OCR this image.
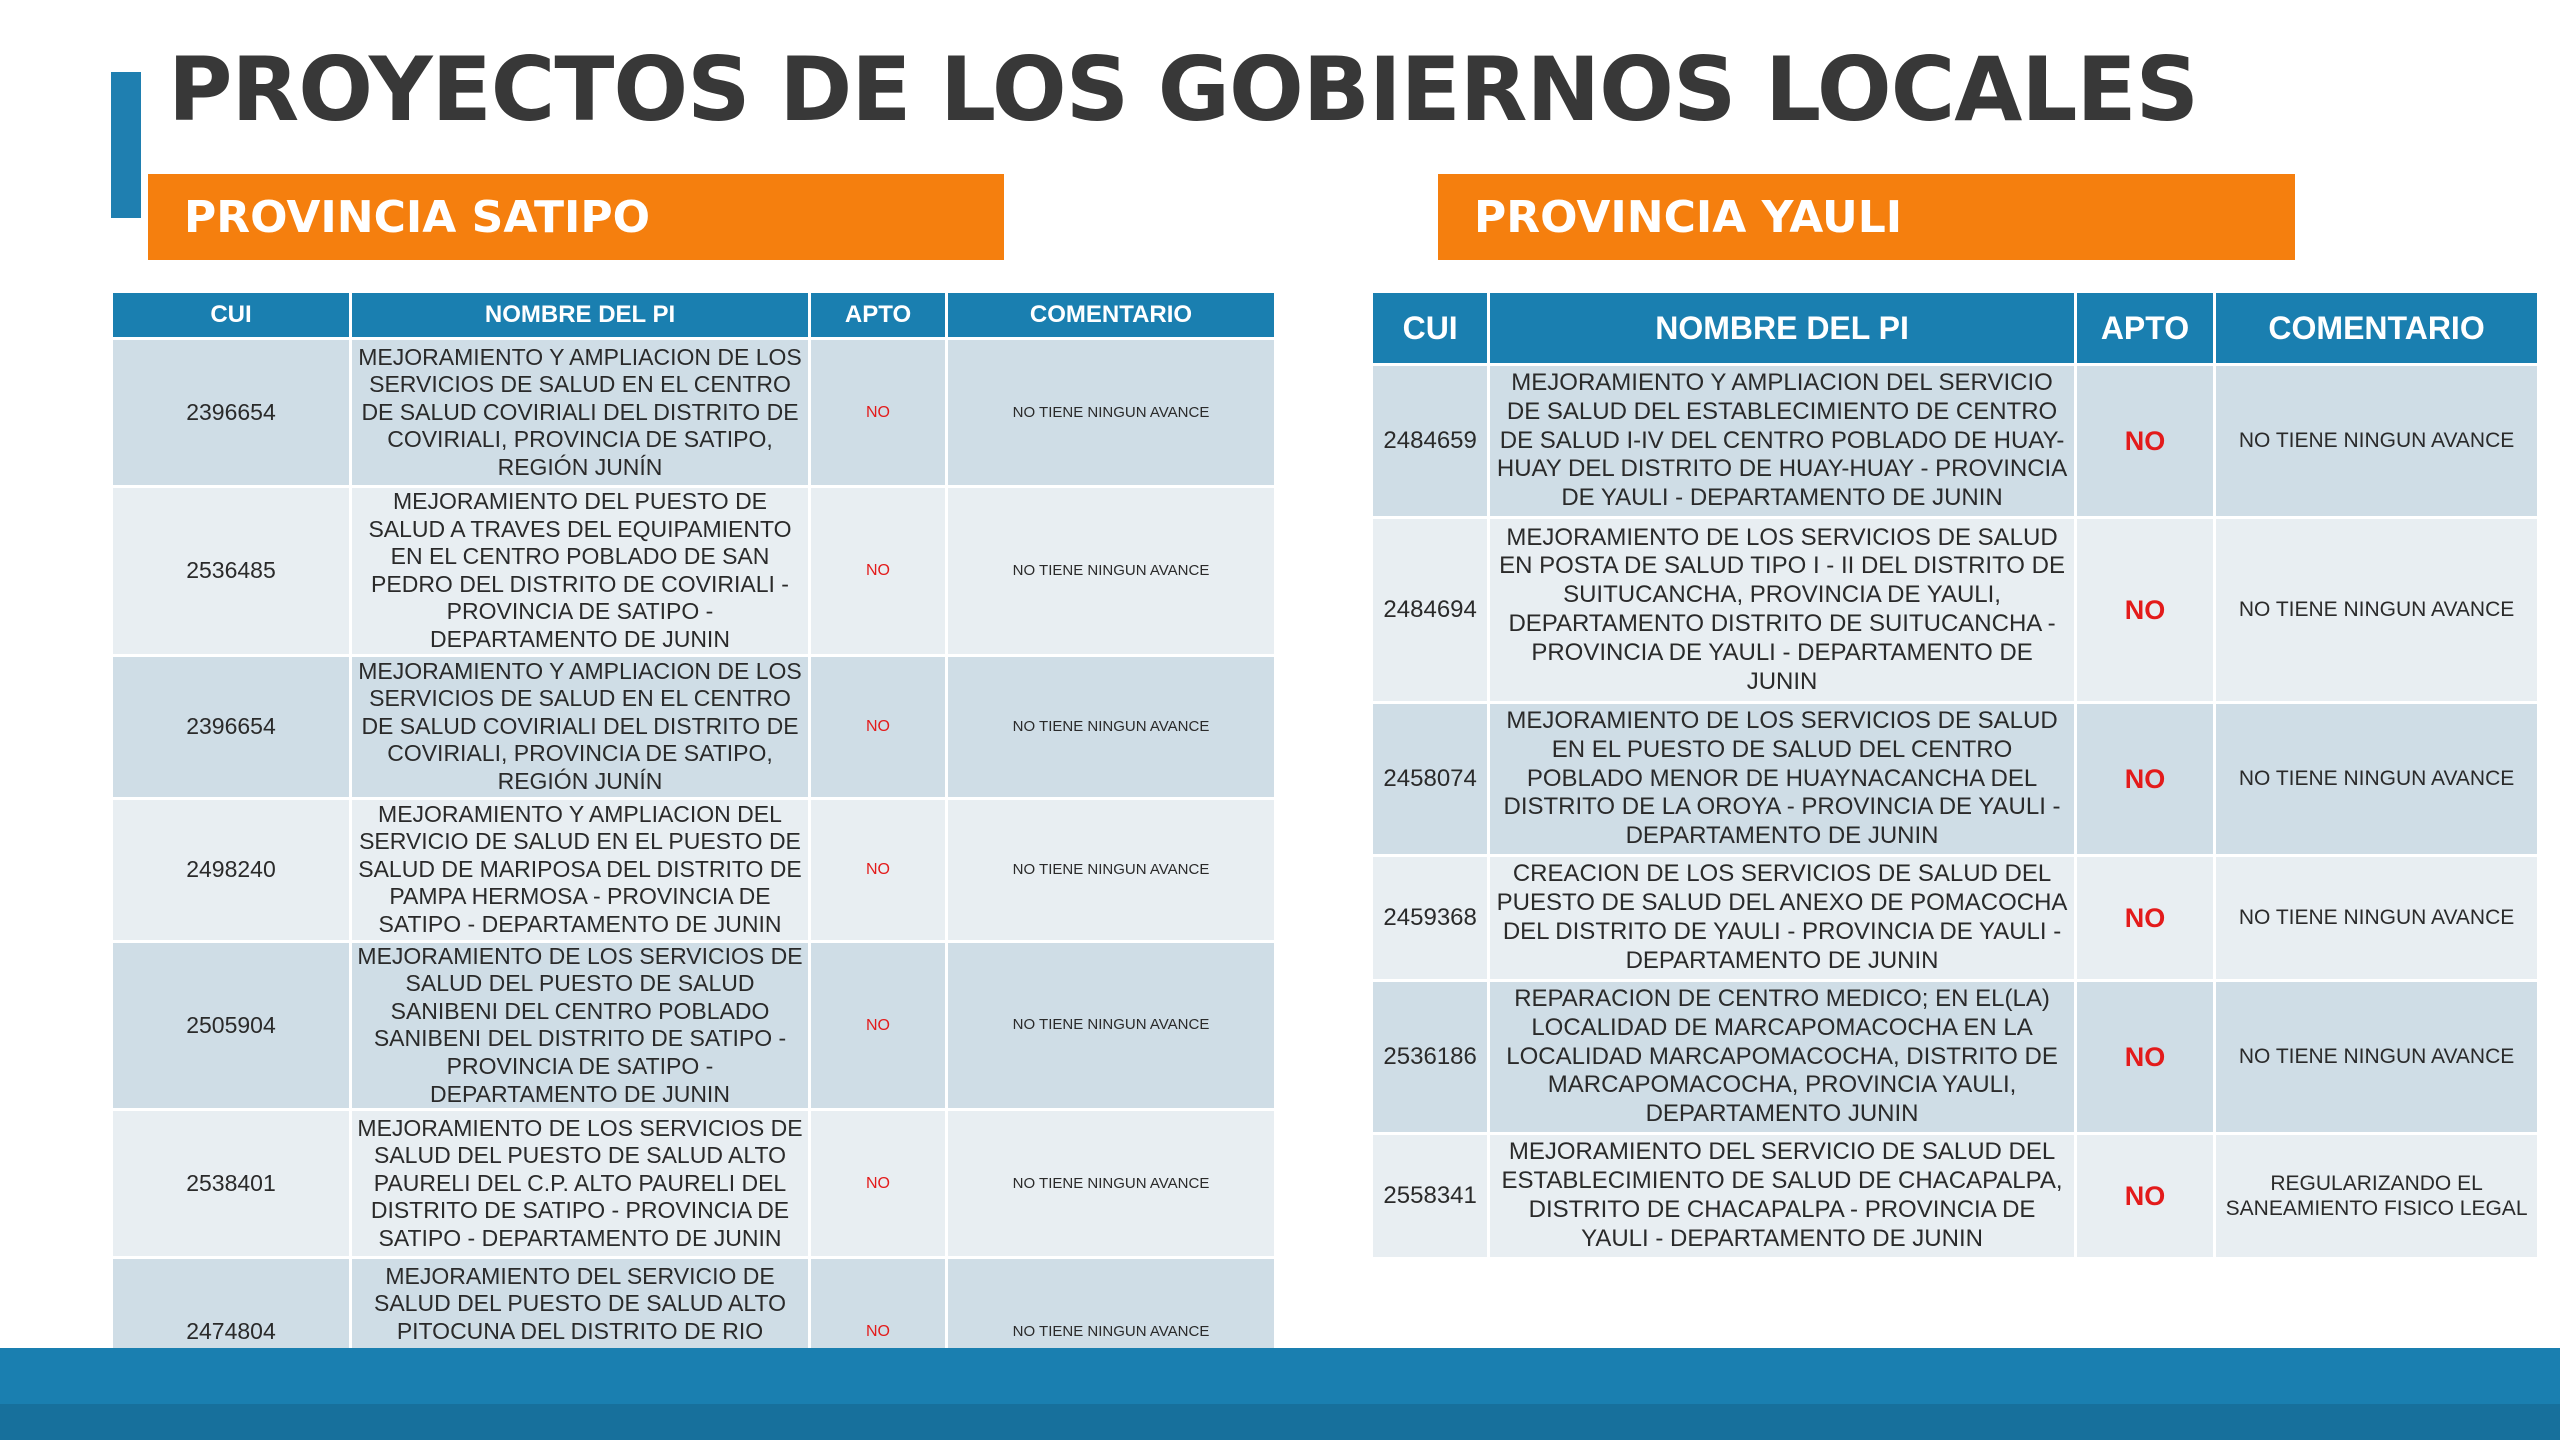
PROYECTOS DE LOS GOBIERNOS LOCALES
PROVINCIA SATIPO	PROVINCIA YAULI
CUI	NOMBRE DEL PI	APTO	COMENTARIO
2396654	MEJORAMIENTO Y AMPLIACION DE LOS SERVICIOS DE SALUD EN EL CENTRO DE SALUD COVIRIALI DEL DISTRITO DE COVIRIALI, PROVINCIA DE SATIPO, REGIÓN JUNÍN	NO	NO TIENE NINGUN AVANCE
2536485	MEJORAMIENTO DEL PUESTO DE SALUD A TRAVES DEL EQUIPAMIENTO EN EL CENTRO POBLADO DE SAN PEDRO DEL DISTRITO DE COVIRIALI - PROVINCIA DE SATIPO - DEPARTAMENTO DE JUNIN	NO	NO TIENE NINGUN AVANCE
2396654	MEJORAMIENTO Y AMPLIACION DE LOS SERVICIOS DE SALUD EN EL CENTRO DE SALUD COVIRIALI DEL DISTRITO DE COVIRIALI, PROVINCIA DE SATIPO, REGIÓN JUNÍN	NO	NO TIENE NINGUN AVANCE
2498240	MEJORAMIENTO Y AMPLIACION DEL SERVICIO DE SALUD EN EL PUESTO DE SALUD DE MARIPOSA DEL DISTRITO DE PAMPA HERMOSA - PROVINCIA DE SATIPO - DEPARTAMENTO DE JUNIN	NO	NO TIENE NINGUN AVANCE
2505904	MEJORAMIENTO DE LOS SERVICIOS DE SALUD DEL PUESTO DE SALUD SANIBENI DEL CENTRO POBLADO SANIBENI DEL DISTRITO DE SATIPO - PROVINCIA DE SATIPO - DEPARTAMENTO DE JUNIN	NO	NO TIENE NINGUN AVANCE
2538401	MEJORAMIENTO DE LOS SERVICIOS DE SALUD DEL PUESTO DE SALUD ALTO PAURELI DEL C.P. ALTO PAURELI DEL DISTRITO DE SATIPO - PROVINCIA DE SATIPO - DEPARTAMENTO DE JUNIN	NO	NO TIENE NINGUN AVANCE
2474804	MEJORAMIENTO DEL SERVICIO DE SALUD DEL PUESTO DE SALUD ALTO PITOCUNA DEL DISTRITO DE RIO	NO	NO TIENE NINGUN AVANCE
CUI	NOMBRE DEL PI	APTO	COMENTARIO
2484659	MEJORAMIENTO Y AMPLIACION DEL SERVICIO DE SALUD DEL ESTABLECIMIENTO DE CENTRO DE SALUD I-IV DEL CENTRO POBLADO DE HUAY-HUAY DEL DISTRITO DE HUAY-HUAY - PROVINCIA DE YAULI - DEPARTAMENTO DE JUNIN	NO	NO TIENE NINGUN AVANCE
2484694	MEJORAMIENTO DE LOS SERVICIOS DE SALUD EN POSTA DE SALUD TIPO I - II DEL DISTRITO DE SUITUCANCHA, PROVINCIA DE YAULI, DEPARTAMENTO DISTRITO DE SUITUCANCHA - PROVINCIA DE YAULI - DEPARTAMENTO DE JUNIN	NO	NO TIENE NINGUN AVANCE
2458074	MEJORAMIENTO DE LOS SERVICIOS DE SALUD EN EL PUESTO DE SALUD DEL CENTRO POBLADO MENOR DE HUAYNACANCHA DEL DISTRITO DE LA OROYA - PROVINCIA DE YAULI - DEPARTAMENTO DE JUNIN	NO	NO TIENE NINGUN AVANCE
2459368	CREACION DE LOS SERVICIOS DE SALUD DEL PUESTO DE SALUD DEL ANEXO DE POMACOCHA DEL DISTRITO DE YAULI - PROVINCIA DE YAULI - DEPARTAMENTO DE JUNIN	NO	NO TIENE NINGUN AVANCE
2536186	REPARACION DE CENTRO MEDICO; EN EL(LA) LOCALIDAD DE MARCAPOMACOCHA EN LA LOCALIDAD MARCAPOMACOCHA, DISTRITO DE MARCAPOMACOCHA, PROVINCIA YAULI, DEPARTAMENTO JUNIN	NO	NO TIENE NINGUN AVANCE
2558341	MEJORAMIENTO DEL SERVICIO DE SALUD DEL ESTABLECIMIENTO DE SALUD DE CHACAPALPA, DISTRITO DE CHACAPALPA - PROVINCIA DE YAULI - DEPARTAMENTO DE JUNIN	NO	REGULARIZANDO EL SANEAMIENTO FISICO LEGAL
